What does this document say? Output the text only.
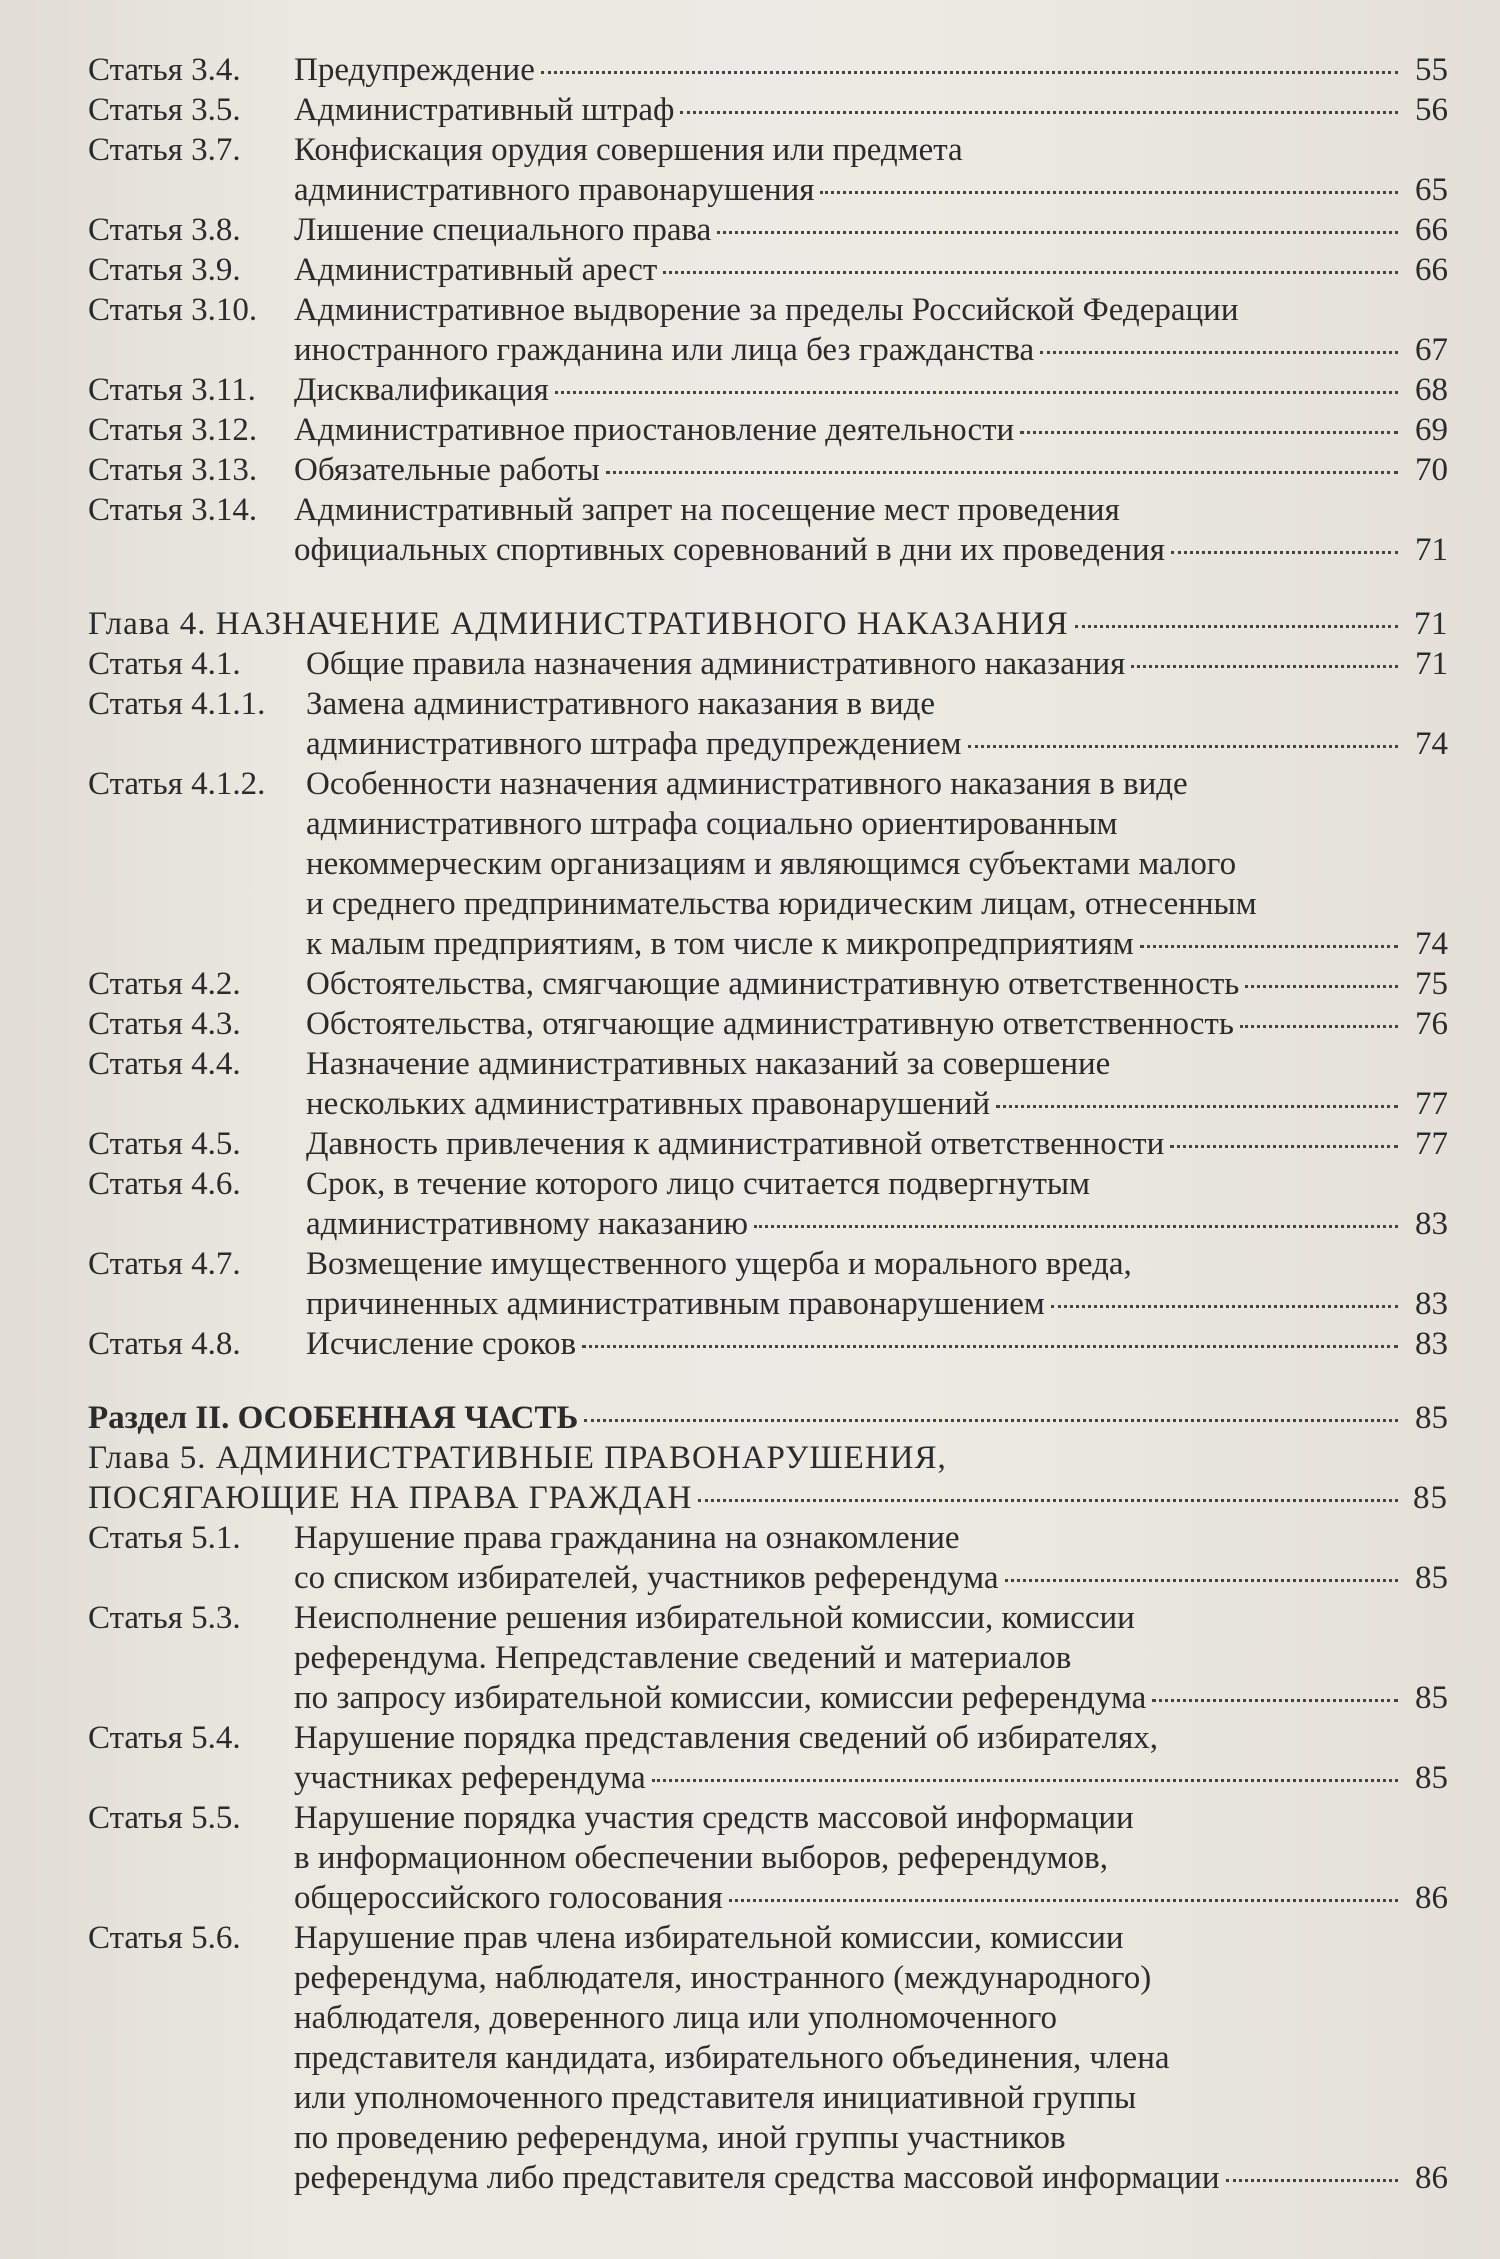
Статья 3.4.	Предупреждение	55
Статья 3.5.	Административный штраф	56
Статья 3.7.	Конфискация орудия совершения или предмета
административного правонарушения	65
Статья 3.8.	Лишение специального права	66
Статья 3.9.	Административный арест	66
Статья 3.10.	Административное выдворение за пределы Российской Федерации
иностранного гражданина или лица без гражданства	67
Статья 3.11.	Дисквалификация	68
Статья 3.12.	Административное приостановление деятельности	69
Статья 3.13.	Обязательные работы	70
Статья 3.14.	Административный запрет на посещение мест проведения
официальных спортивных соревнований в дни их проведения	71
Глава 4. НАЗНАЧЕНИЕ АДМИНИСТРАТИВНОГО НАКАЗАНИЯ	71
Статья 4.1.	Общие правила назначения административного наказания	71
Статья 4.1.1.	Замена административного наказания в виде
административного штрафа предупреждением	74
Статья 4.1.2.	Особенности назначения административного наказания в виде
административного штрафа социально ориентированным
некоммерческим организациям и являющимся субъектами малого
и среднего предпринимательства юридическим лицам, отнесенным
к малым предприятиям, в том числе к микропредприятиям	74
Статья 4.2.	Обстоятельства, смягчающие административную ответственность	75
Статья 4.3.	Обстоятельства, отягчающие административную ответственность	76
Статья 4.4.	Назначение административных наказаний за совершение
нескольких административных правонарушений	77
Статья 4.5.	Давность привлечения к административной ответственности	77
Статья 4.6.	Срок, в течение которого лицо считается подвергнутым
административному наказанию	83
Статья 4.7.	Возмещение имущественного ущерба и морального вреда,
причиненных административным правонарушением	83
Статья 4.8.	Исчисление сроков	83
Раздел II. ОСОБЕННАЯ ЧАСТЬ	85
Глава 5. АДМИНИСТРАТИВНЫЕ ПРАВОНАРУШЕНИЯ,
ПОСЯГАЮЩИЕ НА ПРАВА ГРАЖДАН	85
Статья 5.1.	Нарушение права гражданина на ознакомление
со списком избирателей, участников референдума	85
Статья 5.3.	Неисполнение решения избирательной комиссии, комиссии
референдума. Непредставление сведений и материалов
по запросу избирательной комиссии, комиссии референдума	85
Статья 5.4.	Нарушение порядка представления сведений об избирателях,
участниках референдума	85
Статья 5.5.	Нарушение порядка участия средств массовой информации
в информационном обеспечении выборов, референдумов,
общероссийского голосования	86
Статья 5.6.	Нарушение прав члена избирательной комиссии, комиссии
референдума, наблюдателя, иностранного (международного)
наблюдателя, доверенного лица или уполномоченного
представителя кандидата, избирательного объединения, члена
или уполномоченного представителя инициативной группы
по проведению референдума, иной группы участников
референдума либо представителя средства массовой информации	86
